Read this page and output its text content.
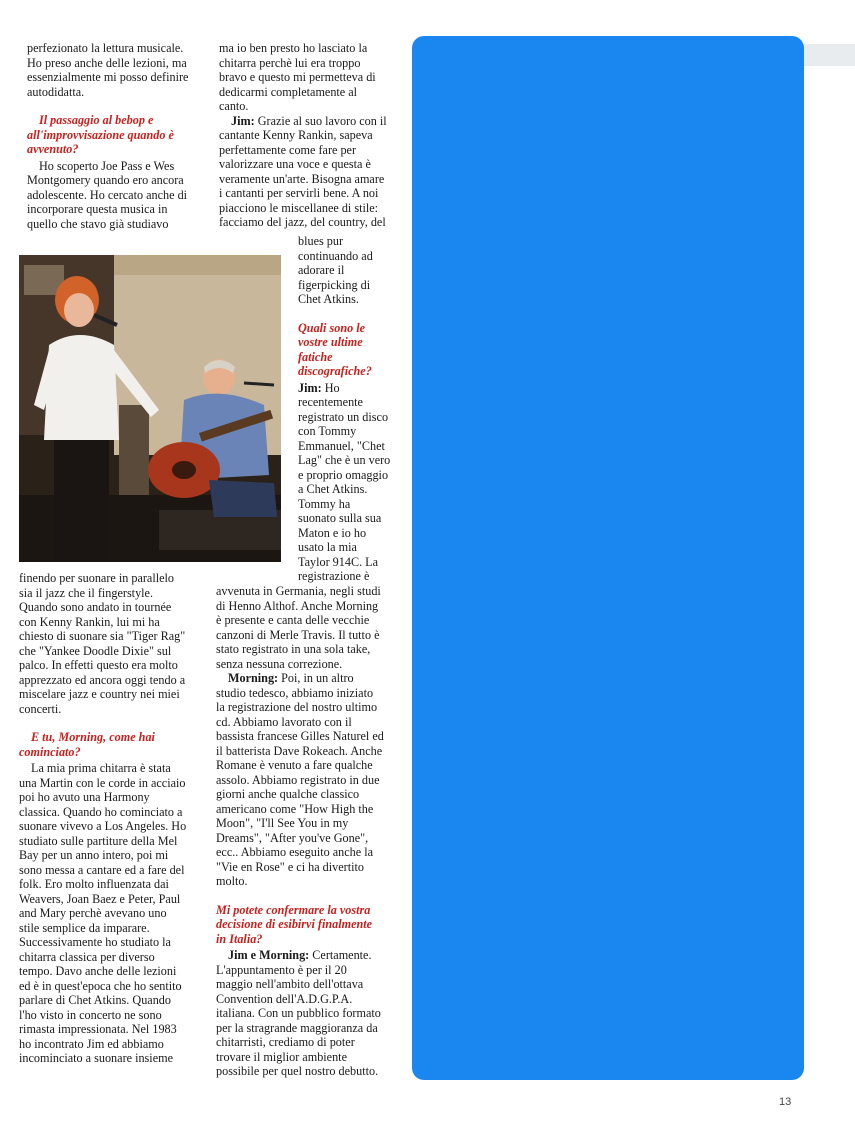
perfezionato la lettura musicale.
Ho preso anche delle lezioni, ma
essenzialmente mi posso definire
autodidatta.

Il passaggio al bebop e
all'improvvisazione quando è
avvenuto?

Ho scoperto Joe Pass e Wes
Montgomery quando ero ancora
adolescente. Ho cercato anche di
incorporare questa musica in
quello che stavo già studiavo

finendo per suonare in parallelo
sia il jazz che il fingerstyle.
Quando sono andato in tournée
con Kenny Rankin, lui mi ha
chiesto di suonare sia "Tiger Rag"
che "Yankee Doodle Dixie" sul
palco. In effetti questo era molto
apprezzato ed ancora oggi tendo a
miscelare jazz e country nei miei
concerti.

E tu, Morning, come hai
cominciato?

La mia prima chitarra è stata
una Martin con le corde in acciaio
poi ho avuto una Harmony
classica. Quando ho cominciato a
suonare vivevo a Los Angeles. Ho
studiato sulle partiture della Mel
Bay per un anno intero, poi mi
sono messa a cantare ed a fare del
folk. Ero molto influenzata dai
Weavers, Joan Baez e Peter, Paul
and Mary perchè avevano uno
stile semplice da imparare.
Successivamente ho studiato la
chitarra classica per diverso
tempo. Davo anche delle lezioni
ed è in quest'epoca che ho sentito
parlare di Chet Atkins. Quando
l'ho visto in concerto ne sono
rimasta impressionata. Nel 1983
ho incontrato Jim ed abbiamo
incominciato a suonare insieme

ma io ben presto ho lasciato la
chitarra perchè lui era troppo
bravo e questo mi permetteva di
dedicarmi completamente al
canto.

Jim: Grazie al suo lavoro con il
cantante Kenny Rankin, sapeva
perfettamente come fare per
valorizzare una voce e questa è
veramente un'arte. Bisogna amare
i cantanti per servirli bene. A noi
piacciono le miscellanee di stile:
facciamo del jazz, del country, del

blues pur
continuando ad
adorare il
figerpicking di
Chet Atkins.

Quali sono le
vostre ultime
fatiche
discografiche?

Jim: Ho
recentemente
registrato un disco
con Tommy
Emmanuel, "Chet
Lag" che è un vero
e proprio omaggio
a Chet Atkins.
Tommy ha
suonato sulla sua
Maton e io ho
usato la mia
Taylor 914C. La
registrazione è

avvenuta in Germania, negli studi
di Henno Althof. Anche Morning
è presente e canta delle vecchie
canzoni di Merle Travis. Il tutto è
stato registrato in una sola take,
senza nessuna correzione.

Morning: Poi, in un altro
studio tedesco, abbiamo iniziato
la registrazione del nostro ultimo
cd. Abbiamo lavorato con il
bassista francese Gilles Naturel ed
il batterista Dave Rokeach. Anche
Romane è venuto a fare qualche
assolo. Abbiamo registrato in due
giorni anche qualche classico
americano come "How High the
Moon", "I'll See You in my
Dreams", "After you've Gone",
ecc.. Abbiamo eseguito anche la
"Vie en Rose" e ci ha divertito
molto.

Mi potete confermare la vostra
decisione di esibirvi finalmente
in Italia?

Jim e Morning: Certamente.
L'appuntamento è per il 20
maggio nell'ambito dell'ottava
Convention dell'A.D.G.P.A.
italiana. Con un pubblico formato
per la stragrande maggioranza da
chitarristi, crediamo di poter
trovare il miglior ambiente
possibile per quel nostro debutto.

13
